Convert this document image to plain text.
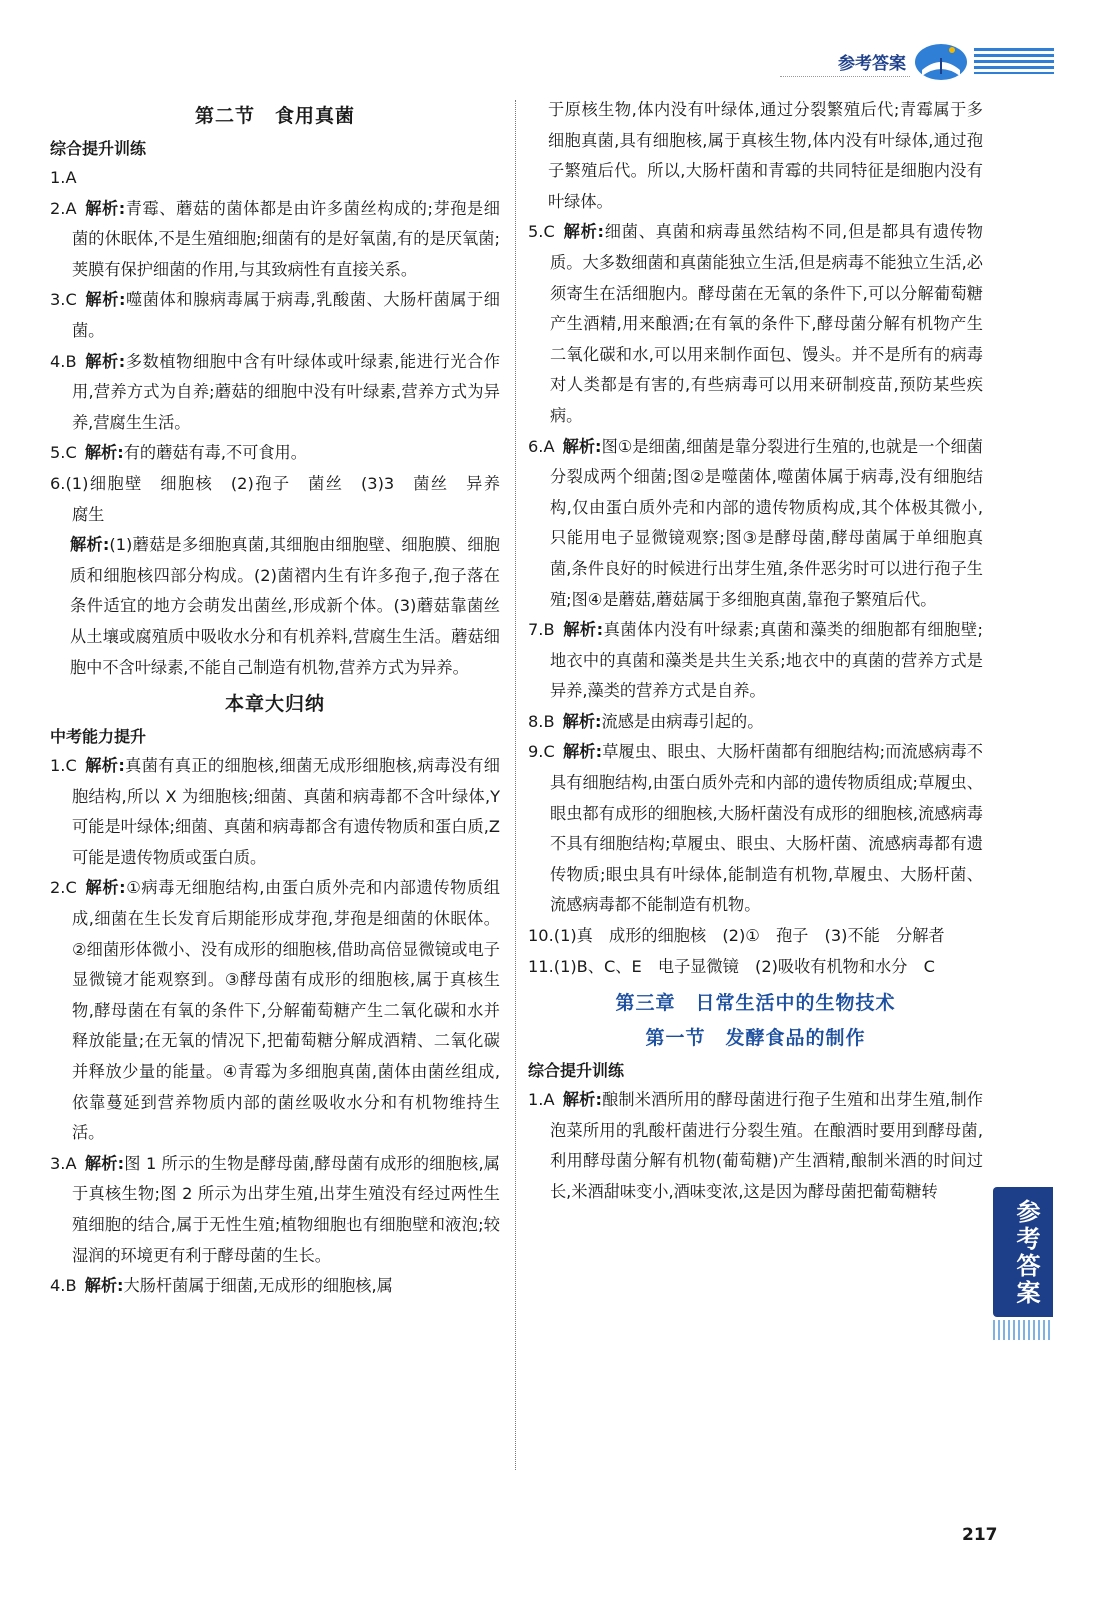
参考答案
第二节　食用真菌
综合提升训练

1.A

2.A  解析:青霉、蘑菇的菌体都是由许多菌丝构成的;芽孢是细菌的休眠体,不是生殖细胞;细菌有的是好氧菌,有的是厌氧菌;荚膜有保护细菌的作用,与其致病性有直接关系。

3.C  解析:噬菌体和腺病毒属于病毒,乳酸菌、大肠杆菌属于细菌。

4.B  解析:多数植物细胞中含有叶绿体或叶绿素,能进行光合作用,营养方式为自养;蘑菇的细胞中没有叶绿素,营养方式为异养,营腐生生活。

5.C  解析:有的蘑菇有毒,不可食用。

6.(1)细胞壁　细胞核　(2)孢子　菌丝　(3)3　菌丝　异养　腐生

解析:(1)蘑菇是多细胞真菌,其细胞由细胞壁、细胞膜、细胞质和细胞核四部分构成。(2)菌褶内生有许多孢子,孢子落在条件适宜的地方会萌发出菌丝,形成新个体。(3)蘑菇靠菌丝从土壤或腐殖质中吸收水分和有机养料,营腐生生活。蘑菇细胞中不含叶绿素,不能自己制造有机物,营养方式为异养。

本章大归纳
中考能力提升

1.C  解析:真菌有真正的细胞核,细菌无成形细胞核,病毒没有细胞结构,所以 X 为细胞核;细菌、真菌和病毒都不含叶绿体,Y 可能是叶绿体;细菌、真菌和病毒都含有遗传物质和蛋白质,Z 可能是遗传物质或蛋白质。

2.C  解析:①病毒无细胞结构,由蛋白质外壳和内部遗传物质组成,细菌在生长发育后期能形成芽孢,芽孢是细菌的休眠体。②细菌形体微小、没有成形的细胞核,借助高倍显微镜或电子显微镜才能观察到。③酵母菌有成形的细胞核,属于真核生物,酵母菌在有氧的条件下,分解葡萄糖产生二氧化碳和水并释放能量;在无氧的情况下,把葡萄糖分解成酒精、二氧化碳并释放少量的能量。④青霉为多细胞真菌,菌体由菌丝组成,依靠蔓延到营养物质内部的菌丝吸收水分和有机物维持生活。

3.A  解析:图 1 所示的生物是酵母菌,酵母菌有成形的细胞核,属于真核生物;图 2 所示为出芽生殖,出芽生殖没有经过两性生殖细胞的结合,属于无性生殖;植物细胞也有细胞壁和液泡;较湿润的环境更有利于酵母菌的生长。

4.B  解析:大肠杆菌属于细菌,无成形的细胞核,属

于原核生物,体内没有叶绿体,通过分裂繁殖后代;青霉属于多细胞真菌,具有细胞核,属于真核生物,体内没有叶绿体,通过孢子繁殖后代。所以,大肠杆菌和青霉的共同特征是细胞内没有叶绿体。

5.C  解析:细菌、真菌和病毒虽然结构不同,但是都具有遗传物质。大多数细菌和真菌能独立生活,但是病毒不能独立生活,必须寄生在活细胞内。酵母菌在无氧的条件下,可以分解葡萄糖产生酒精,用来酿酒;在有氧的条件下,酵母菌分解有机物产生二氧化碳和水,可以用来制作面包、馒头。并不是所有的病毒对人类都是有害的,有些病毒可以用来研制疫苗,预防某些疾病。

6.A  解析:图①是细菌,细菌是靠分裂进行生殖的,也就是一个细菌分裂成两个细菌;图②是噬菌体,噬菌体属于病毒,没有细胞结构,仅由蛋白质外壳和内部的遗传物质构成,其个体极其微小,只能用电子显微镜观察;图③是酵母菌,酵母菌属于单细胞真菌,条件良好的时候进行出芽生殖,条件恶劣时可以进行孢子生殖;图④是蘑菇,蘑菇属于多细胞真菌,靠孢子繁殖后代。

7.B  解析:真菌体内没有叶绿素;真菌和藻类的细胞都有细胞壁;地衣中的真菌和藻类是共生关系;地衣中的真菌的营养方式是异养,藻类的营养方式是自养。

8.B  解析:流感是由病毒引起的。

9.C  解析:草履虫、眼虫、大肠杆菌都有细胞结构;而流感病毒不具有细胞结构,由蛋白质外壳和内部的遗传物质组成;草履虫、眼虫都有成形的细胞核,大肠杆菌没有成形的细胞核,流感病毒不具有细胞结构;草履虫、眼虫、大肠杆菌、流感病毒都有遗传物质;眼虫具有叶绿体,能制造有机物,草履虫、大肠杆菌、流感病毒都不能制造有机物。

10.(1)真　成形的细胞核　(2)①　孢子　(3)不能　分解者

11.(1)B、C、E　电子显微镜　(2)吸收有机物和水分　C

第三章　日常生活中的生物技术
第一节　发酵食品的制作
综合提升训练

1.A  解析:酿制米酒所用的酵母菌进行孢子生殖和出芽生殖,制作泡菜所用的乳酸杆菌进行分裂生殖。在酿酒时要用到酵母菌,利用酵母菌分解有机物(葡萄糖)产生酒精,酿制米酒的时间过长,米酒甜味变小,酒味变浓,这是因为酵母菌把葡萄糖转

参考答案
217
